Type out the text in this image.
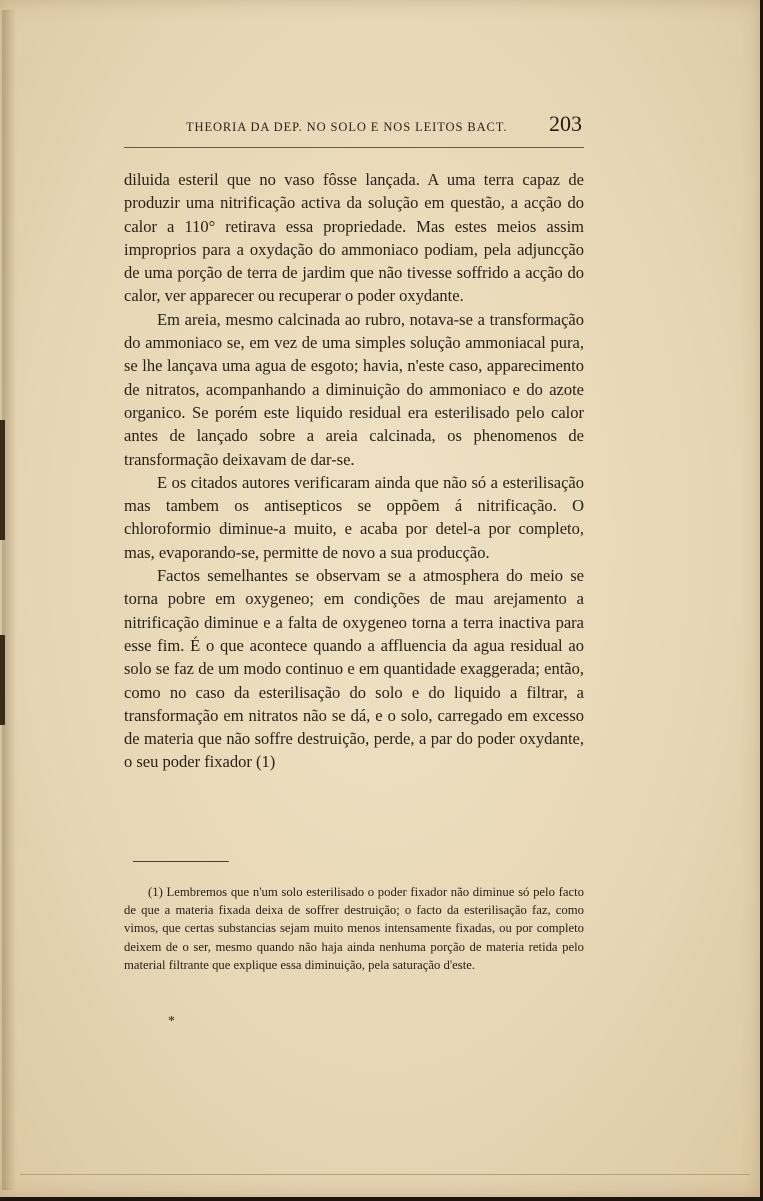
THEORIA DA DEP. NO SOLO E NOS LEITOS BACT. 203

diluida esteril que no vaso fôsse lançada. A uma terra capaz de produzir uma nitrificação activa da solução em questão, a acção do calor a 110° retirava essa propriedade. Mas estes meios assim improprios para a oxydação do ammoniaco podiam, pela adjuncção de uma porção de terra de jardim que não tivesse soffrido a acção do calor, ver apparecer ou recuperar o poder oxydante.

Em areia, mesmo calcinada ao rubro, notava-se a transformação do ammoniaco se, em vez de uma simples solução ammoniacal pura, se lhe lançava uma agua de esgoto; havia, n'este caso, apparecimento de nitratos, acompanhando a diminuição do ammoniaco e do azote organico. Se porém este liquido residual era esterilisado pelo calor antes de lançado sobre a areia calcinada, os phenomenos de transformação deixavam de dar-se.

E os citados autores verificaram ainda que não só a esterilisação mas tambem os antisepticos se oppõem á nitrificação. O chloroformio diminue-a muito, e acaba por detel-a por completo, mas, evaporando-se, permitte de novo a sua producção.

Factos semelhantes se observam se a atmosphera do meio se torna pobre em oxygeneo; em condições de mau arejamento a nitrificação diminue e a falta de oxygeneo torna a terra inactiva para esse fim. É o que acontece quando a affluencia da agua residual ao solo se faz de um modo continuo e em quantidade exaggerada; então, como no caso da esterilisação do solo e do liquido a filtrar, a transformação em nitratos não se dá, e o solo, carregado em excesso de materia que não soffre destruição, perde, a par do poder oxydante, o seu poder fixador (1)

(1) Lembremos que n'um solo esterilisado o poder fixador não diminue só pelo facto de que a materia fixada deixa de soffrer destruição; o facto da esterilisação faz, como vimos, que certas substancias sejam muito menos intensamente fixadas, ou por completo deixem de o ser, mesmo quando não haja ainda nenhuma porção de materia retida pelo material filtrante que explique essa diminuição, pela saturação d'este.

*
